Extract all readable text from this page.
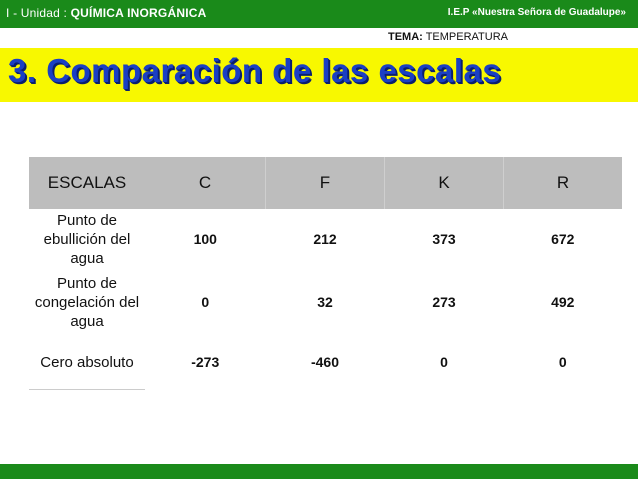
I - Unidad : QUÍMICA INORGÁNICA	I.E.P «Nuestra Señora de Guadalupe»
TEMA: TEMPERATURA
3. Comparación de las escalas
ESCALAS	C	F	K	R
Punto de ebullición del agua	100	212	373	672
Punto de congelación del agua	0	32	273	492
Cero absoluto	-273	-460	0	0
